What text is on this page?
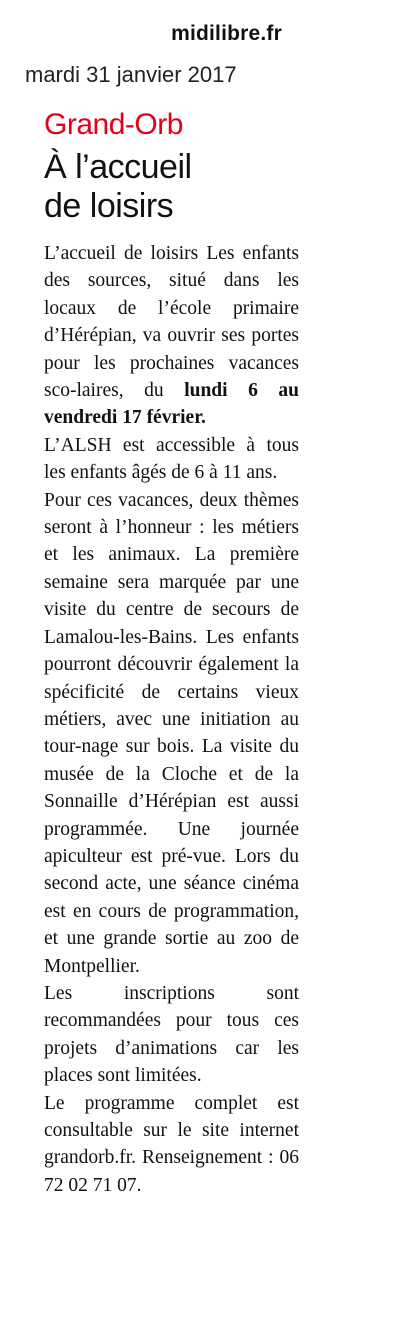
midilibre.fr
mardi 31 janvier 2017
Grand-Orb
À l’accueil
de loisirs

L’accueil de loisirs Les enfants des sources, situé dans les locaux de l’école primaire d’Hérépian, va ouvrir ses portes pour les prochaines vacances sco-laires, du lundi 6 au vendredi 17 février.

L’ALSH est accessible à tous les enfants âgés de 6 à 11 ans.

Pour ces vacances, deux thèmes seront à l’honneur : les métiers et les animaux. La première semaine sera marquée par une visite du centre de secours de Lamalou-les-Bains. Les enfants pourront découvrir également la spécificité de certains vieux métiers, avec une initiation au tour-nage sur bois. La visite du musée de la Cloche et de la Sonnaille d’Hérépian est aussi programmée. Une journée apiculteur est pré-vue. Lors du second acte, une séance cinéma est en cours de programmation, et une grande sortie au zoo de Montpellier.

Les inscriptions sont recommandées pour tous ces projets d’animations car les places sont limitées.

Le programme complet est consultable sur le site internet grandorb.fr. Renseignement : 06 72 02 71 07.
